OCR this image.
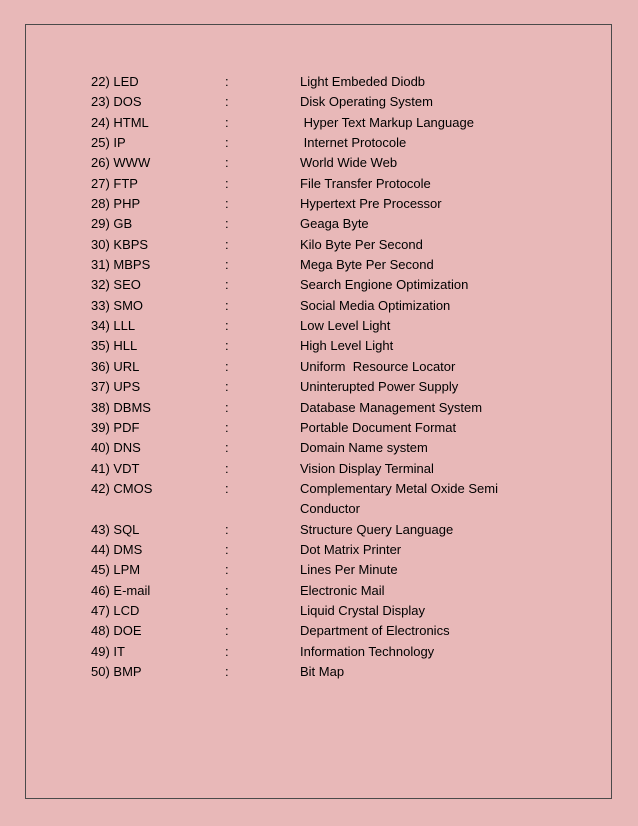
22) LED	:	Light Embeded Diodb
23) DOS	:	Disk Operating System
24) HTML	:	Hyper Text Markup Language
25) IP	:	Internet Protocole
26) WWW	:	World Wide Web
27) FTP	:	File Transfer Protocole
28) PHP	:	Hypertext Pre Processor
29) GB	:	Geaga Byte
30) KBPS	:	Kilo Byte Per Second
31) MBPS	:	Mega Byte Per Second
32) SEO	:	Search Engione Optimization
33) SMO	:	Social Media Optimization
34) LLL	:	Low Level Light
35) HLL	:	High Level Light
36) URL	:	Uniform  Resource Locator
37) UPS	:	Uninterupted Power Supply
38) DBMS	:	Database Management System
39) PDF	:	Portable Document Format
40) DNS	:	Domain Name system
41) VDT	:	Vision Display Terminal
42) CMOS	:	Complementary Metal Oxide Semi
Conductor
43) SQL	:	Structure Query Language
44) DMS	:	Dot Matrix Printer
45) LPM	:	Lines Per Minute
46) E-mail	:	Electronic Mail
47) LCD	:	Liquid Crystal Display
48) DOE	:	Department of Electronics
49) IT	:	Information Technology
50) BMP	:	Bit Map
